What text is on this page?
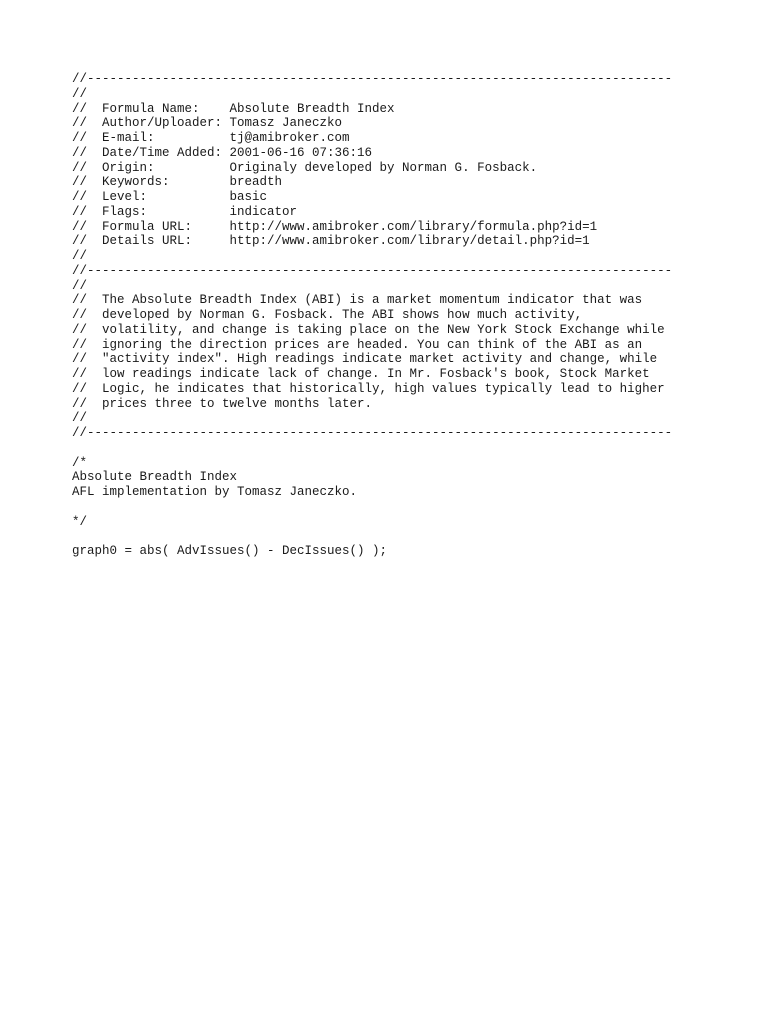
//------------------------------------------------------------------------------
//
//  Formula Name:    Absolute Breadth Index
//  Author/Uploader: Tomasz Janeczko
//  E-mail:          tj@amibroker.com
//  Date/Time Added: 2001-06-16 07:36:16
//  Origin:          Originaly developed by Norman G. Fosback.
//  Keywords:        breadth
//  Level:           basic
//  Flags:           indicator
//  Formula URL:     http://www.amibroker.com/library/formula.php?id=1
//  Details URL:     http://www.amibroker.com/library/detail.php?id=1
//
//------------------------------------------------------------------------------
//
//  The Absolute Breadth Index (ABI) is a market momentum indicator that was
//  developed by Norman G. Fosback. The ABI shows how much activity,
//  volatility, and change is taking place on the New York Stock Exchange while
//  ignoring the direction prices are headed. You can think of the ABI as an
//  "activity index". High readings indicate market activity and change, while
//  low readings indicate lack of change. In Mr. Fosback's book, Stock Market
//  Logic, he indicates that historically, high values typically lead to higher
//  prices three to twelve months later.
//
//------------------------------------------------------------------------------
/*
Absolute Breadth Index
AFL implementation by Tomasz Janeczko.
*/
graph0 = abs( AdvIssues() - DecIssues() );
